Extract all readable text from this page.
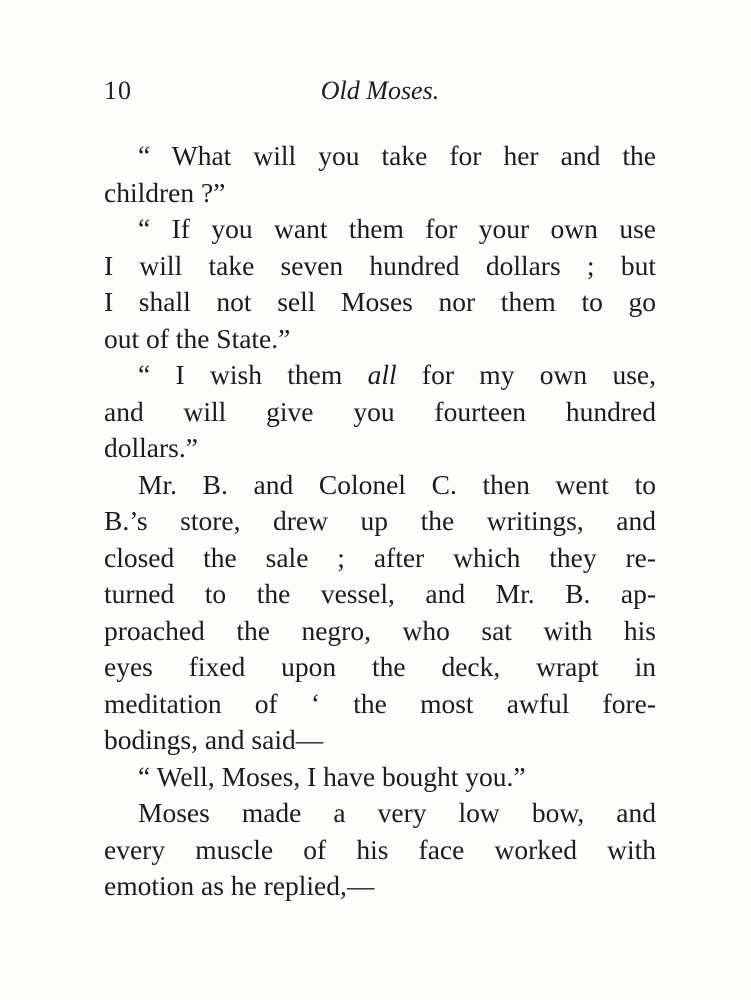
10	Old Moses.
“ What will you take for her and the
children ?”
“ If you want them for your own use
I will take seven hundred dollars ; but
I shall not sell Moses nor them to go
out of the State.”
“ I wish them all for my own use,
and will give you fourteen hundred
dollars.”
Mr. B. and Colonel C. then went to
B.’s store, drew up the writings, and
closed the sale ; after which they re-
turned to the vessel, and Mr. B. ap-
proached the negro, who sat with his
eyes fixed upon the deck, wrapt in
meditation of ‘ the most awful fore-
bodings, and said—
“ Well, Moses, I have bought you.”
Moses made a very low bow, and
every muscle of his face worked with
emotion as he replied,—
